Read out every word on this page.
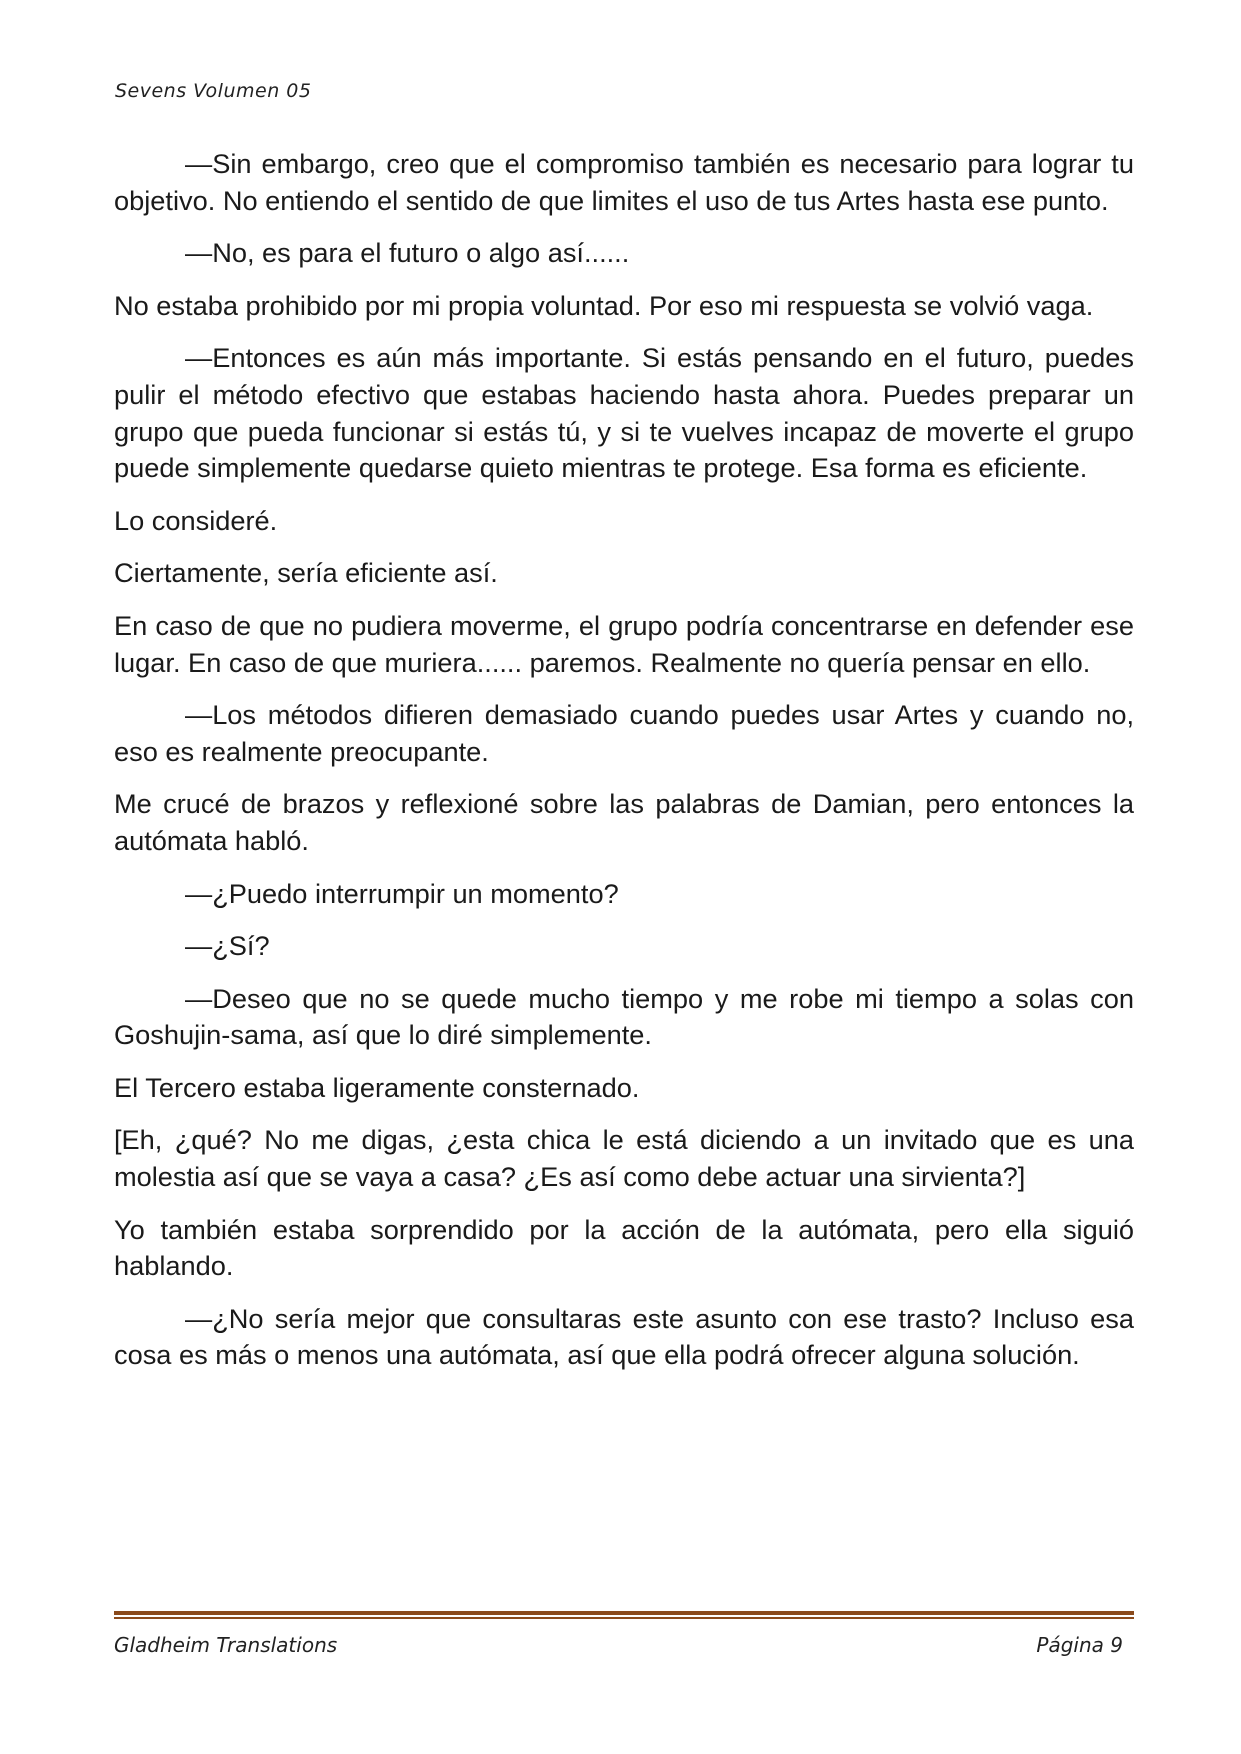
Sevens Volumen 05

—Sin embargo, creo que el compromiso también es necesario para lograr tu objetivo. No entiendo el sentido de que limites el uso de tus Artes hasta ese punto.

—No, es para el futuro o algo así......

No estaba prohibido por mi propia voluntad. Por eso mi respuesta se volvió vaga.

—Entonces es aún más importante. Si estás pensando en el futuro, puedes pulir el método efectivo que estabas haciendo hasta ahora. Puedes preparar un grupo que pueda funcionar si estás tú, y si te vuelves incapaz de moverte el grupo puede simplemente quedarse quieto mientras te protege. Esa forma es eficiente.

Lo consideré.

Ciertamente, sería eficiente así.

En caso de que no pudiera moverme, el grupo podría concentrarse en defender ese lugar. En caso de que muriera...... paremos. Realmente no quería pensar en ello.

—Los métodos difieren demasiado cuando puedes usar Artes y cuando no, eso es realmente preocupante.

Me crucé de brazos y reflexioné sobre las palabras de Damian, pero entonces la autómata habló.

—¿Puedo interrumpir un momento?

—¿Sí?

—Deseo que no se quede mucho tiempo y me robe mi tiempo a solas con Goshujin-sama, así que lo diré simplemente.

El Tercero estaba ligeramente consternado.

[Eh, ¿qué? No me digas, ¿esta chica le está diciendo a un invitado que es una molestia así que se vaya a casa? ¿Es así como debe actuar una sirvienta?]

Yo también estaba sorprendido por la acción de la autómata, pero ella siguió hablando.

—¿No sería mejor que consultaras este asunto con ese trasto? Incluso esa cosa es más o menos una autómata, así que ella podrá ofrecer alguna solución.

Gladheim Translations	Página 9
